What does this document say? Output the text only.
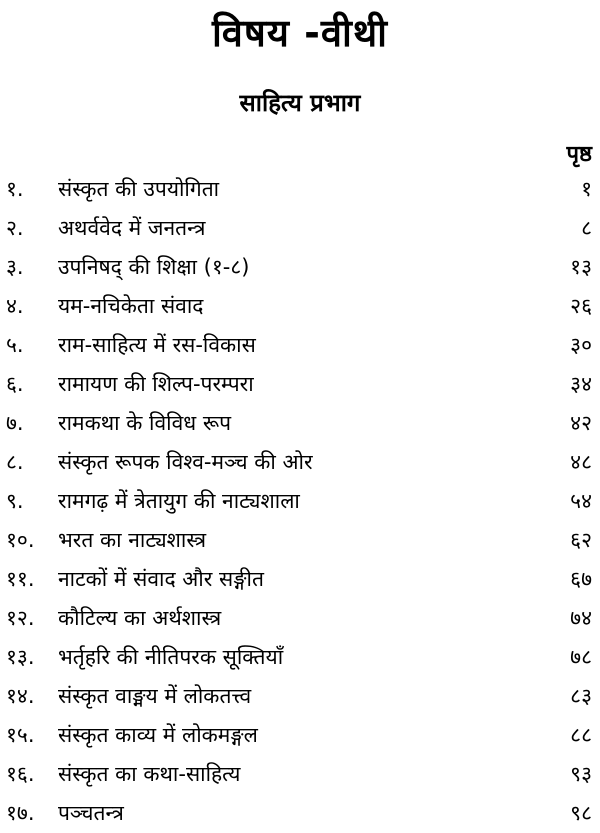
विषय -वीथी
साहित्य प्रभाग
पृष्ठ
१. संस्कृत की उपयोगिता	१
२. अथर्ववेद में जनतन्त्र	८
३. उपनिषद् की शिक्षा (१-८)	१३
४. यम-नचिकेता संवाद	२६
५. राम-साहित्य में रस-विकास	३०
६. रामायण की शिल्प-परम्परा	३४
७. रामकथा के विविध रूप	४२
८. संस्कृत रूपक विश्व-मञ्च की ओर	४८
९. रामगढ़ में त्रेतायुग की नाट्यशाला	५४
१०. भरत का नाट्यशास्त्र	६२
११. नाटकों में संवाद और सङ्गीत	६७
१२. कौटिल्य का अर्थशास्त्र	७४
१३. भर्तृहरि की नीतिपरक सूक्तियाँ	७८
१४. संस्कृत वाङ्मय में लोकतत्त्व	८३
१५. संस्कृत काव्य में लोकमङ्गल	८८
१६. संस्कृत का कथा-साहित्य	९३
१७. पञ्चतन्त्र	९८
